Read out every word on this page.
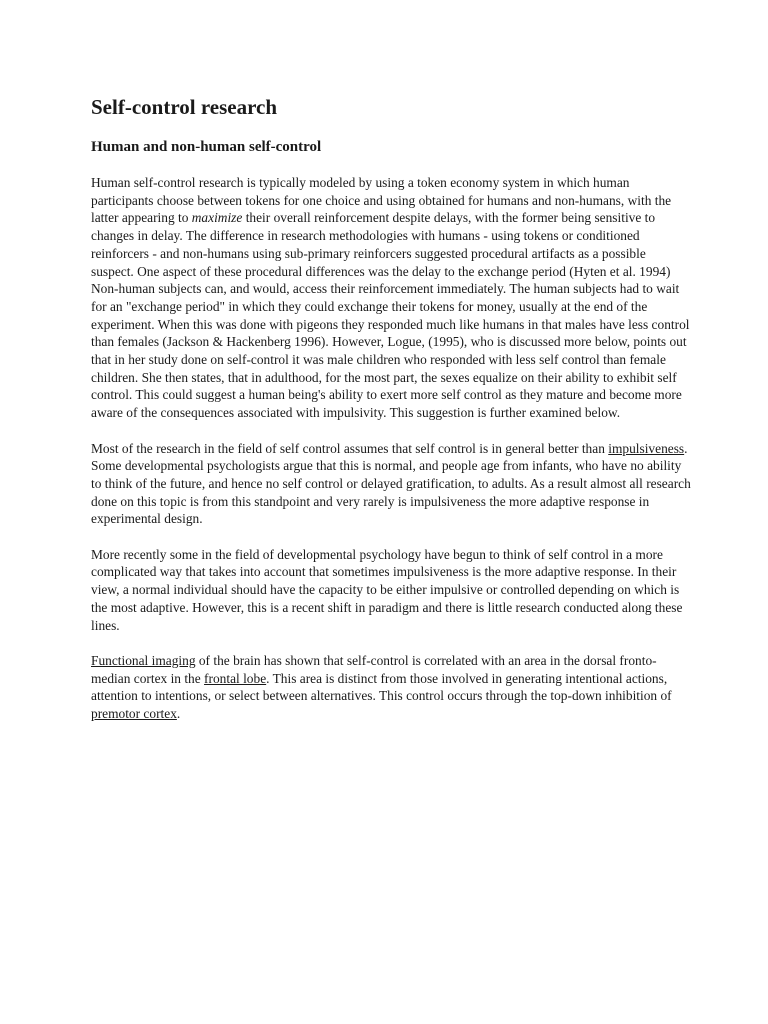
Self-control research
Human and non-human self-control

Human self-control research is typically modeled by using a token economy system in which human participants choose between tokens for one choice and using obtained for humans and non-humans, with the latter appearing to maximize their overall reinforcement despite delays, with the former being sensitive to changes in delay. The difference in research methodologies with humans - using tokens or conditioned reinforcers - and non-humans using sub-primary reinforcers suggested procedural artifacts as a possible suspect. One aspect of these procedural differences was the delay to the exchange period (Hyten et al. 1994) Non-human subjects can, and would, access their reinforcement immediately. The human subjects had to wait for an "exchange period" in which they could exchange their tokens for money, usually at the end of the experiment. When this was done with pigeons they responded much like humans in that males have less control than females (Jackson & Hackenberg 1996). However, Logue, (1995), who is discussed more below, points out that in her study done on self-control it was male children who responded with less self control than female children. She then states, that in adulthood, for the most part, the sexes equalize on their ability to exhibit self control. This could suggest a human being's ability to exert more self control as they mature and become more aware of the consequences associated with impulsivity. This suggestion is further examined below.

Most of the research in the field of self control assumes that self control is in general better than impulsiveness. Some developmental psychologists argue that this is normal, and people age from infants, who have no ability to think of the future, and hence no self control or delayed gratification, to adults. As a result almost all research done on this topic is from this standpoint and very rarely is impulsiveness the more adaptive response in experimental design.

More recently some in the field of developmental psychology have begun to think of self control in a more complicated way that takes into account that sometimes impulsiveness is the more adaptive response. In their view, a normal individual should have the capacity to be either impulsive or controlled depending on which is the most adaptive. However, this is a recent shift in paradigm and there is little research conducted along these lines.

Functional imaging of the brain has shown that self-control is correlated with an area in the dorsal fronto-median cortex in the frontal lobe. This area is distinct from those involved in generating intentional actions, attention to intentions, or select between alternatives. This control occurs through the top-down inhibition of premotor cortex.
